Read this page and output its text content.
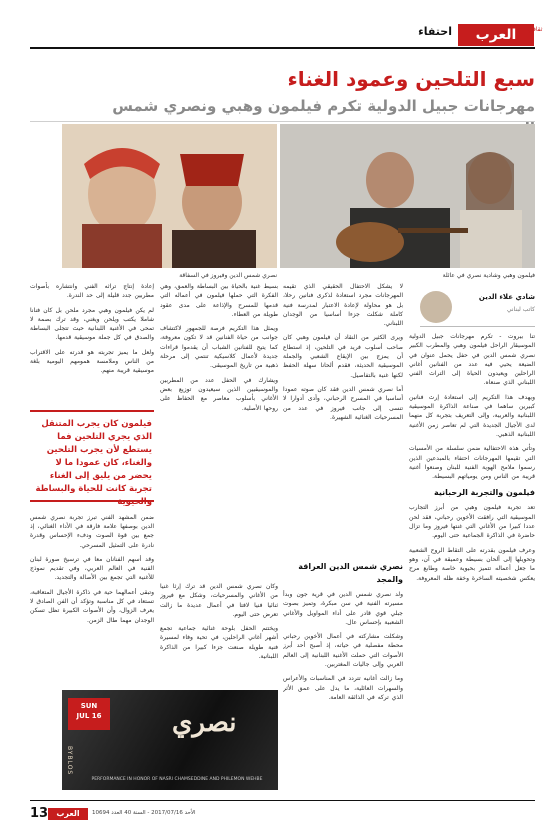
العرب	ثقافي
احتفاء
سبع التلحين وعمود الغناء
مهرجانات جبيل الدولية تكرم فيلمون وهبي ونصري شمس
نصري شمس الدين وفيروز في السفاقة	فيلمون وهبي وشادية نصري في عائلة
شادي علاء الدين
كاتب لبناني

تنا بيروت - تكرم مهرجانات جبيل الدولية الموسيقار الراحل فيلمون وهبي والمطرب الكبير نصري شمس الدين في حفل يحمل عنوان في الضيعة يحيي فيه عدد من الفنانين أغاني الراحلين ويعيدون الحياة إلى التراث الفني اللبناني الذي صنعاه.

ويهدف هذا التكريم إلى استعادة إرث فنانين كبيرين ساهما في صناعة الذاكرة الموسيقية اللبنانية والعربية، وإلى التعريف بتجربة كل منهما لدى الأجيال الجديدة التي لم تعاصر زمن الأغنية اللبنانية الذهبي.

وتأتي هذه الاحتفالية ضمن سلسلة من الأمسيات التي تقيمها المهرجانات احتفاء بالمبدعين الذين رسموا ملامح الهوية الفنية للبنان وصنعوا أغنية قريبة من الناس ومن يومياتهم البسيطة.

فيلمون والتجربة الرحبانية

تعد تجربة فيلمون وهبي من أبرز التجارب الموسيقية التي رافقت الأخوين رحباني، فقد لحن عددا كبيرا من الأغاني التي غنتها فيروز وما تزال حاضرة في الذاكرة الجماعية حتى اليوم.

وعرف فيلمون بقدرته على التقاط الروح الشعبية وتحويلها إلى ألحان بسيطة وعميقة في آن، وهو ما جعل أعماله تتميز بحيوية خاصة وطابع مرح يعكس شخصيته الساخرة وخفة ظله المعروفة.

لا يشكل الاحتفال الحقيقي الذي تقيمه المهرجانات مجرد استعادة لذكرى فنانين رحلا، بل هو محاولة لإعادة الاعتبار لمدرسة فنية كاملة شكلت جزءا أساسيا من الوجدان اللبناني.

ويرى الكثير من النقاد أن فيلمون وهبي كان صاحب أسلوب فريد في التلحين، إذ استطاع أن يمزج بين الإيقاع الشعبي والجملة الموسيقية الحديثة، فقدم ألحانا سهلة الحفظ لكنها غنية بالتفاصيل.

أما نصري شمس الدين فقد كان صوته عمودا أساسيا في المسرح الرحباني، وأدى أدوارا لا تنسى إلى جانب فيروز في عدد من المسرحيات الغنائية الشهيرة.

نصري شمس الدين العراقة والمجد

ولد نصري شمس الدين في قرية جون وبدأ مسيرته الفنية في سن مبكرة، وتميز بصوت جبلي قوي قادر على أداء المواويل والأغاني الشعبية بإحساس عال.

وشكلت مشاركته في أعمال الأخوين رحباني محطة مفصلية في حياته، إذ أصبح أحد أبرز الأصوات التي حملت الأغنية اللبنانية إلى العالم العربي وإلى جاليات المغتربين.

وما زالت أغانيه تتردد في المناسبات والأعراس والسهرات العائلية، ما يدل على عمق الأثر الذي تركه في الذائقة العامة.

بسيط غنية بالحياة بين البساطة والعمق، وهي الفكرة التي حملها فيلمون في أعماله التي قدمها للمسرح والإذاعة على مدى عقود طويلة من العطاء.

ويمثل هذا التكريم فرصة للجمهور لاكتشاف جوانب من حياة الفنانين قد لا تكون معروفة، كما يتيح للفنانين الشباب أن يقدموا قراءات جديدة لأعمال كلاسيكية تنتمي إلى مرحلة ذهبية من تاريخ الموسيقى.

ويشارك في الحفل عدد من المطربين والموسيقيين الذين سيعيدون توزيع بعض الأغاني بأسلوب معاصر مع الحفاظ على روحها الأصلية.

وكان نصري شمس الدين قد ترك إرثا غنيا من الأغاني والمسرحيات، وشكل مع فيروز ثنائيا فنيا لافتا في أعمال عديدة ما زالت تعرض حتى اليوم.

ويختتم الحفل بلوحة غنائية جماعية تجمع أشهر أغاني الراحلين، في تحية وفاء لمسيرة فنية طويلة صنعت جزءا كبيرا من الذاكرة اللبنانية.

إعادة إنتاج تراثه الفني وانتشاره بأصوات مطربين جدد قليلة إلى حد الندرة.

لم يكن فيلمون وهبي مجرد ملحن بل كان فنانا شاملا يكتب ويلحن ويغني، وقد ترك بصمة لا تمحى في الأغنية اللبنانية حيث تتجلى البساطة والصدق في كل جملة موسيقية قدمها.

ولعل ما يميز تجربته هو قدرته على الاقتراب من الناس وملامسة همومهم اليومية بلغة موسيقية قريبة منهم.

ضمن المشهد الفني تبرز تجربة نصري شمس الدين بوصفها علامة فارقة في الأداء الغنائي، إذ جمع بين قوة الصوت ودفء الإحساس وقدرة نادرة على التمثيل المسرحي.

وقد أسهم الفنانان معا في ترسيخ صورة لبنان الفنية في العالم العربي، وفي تقديم نموذج للأغنية التي تجمع بين الأصالة والتجديد.

وتبقى أعمالهما حية في ذاكرة الأجيال المتعاقبة، تستعاد في كل مناسبة وتؤكد أن الفن الصادق لا يعرف الزوال، وأن الأصوات الكبيرة تظل تسكن الوجدان مهما طال الزمن.

فيلمون كان يجرب المتنقل الذي يجري التلحين فما يستطع لأن يجرب التلحين والغناء، كان عمودا ما لا يحضر من يليق إلى الغناء تجربة كانت للحياة والبساطة والحيوية
SUN
JUL 16	نصري
BYBLOS
PERFORMANCE IN HONOR OF NASRI CHAMSEDDINE AND PHILEMON WEHBE
13	العرب	الأحد 2017/07/16 - السنة 40 العدد 10694
